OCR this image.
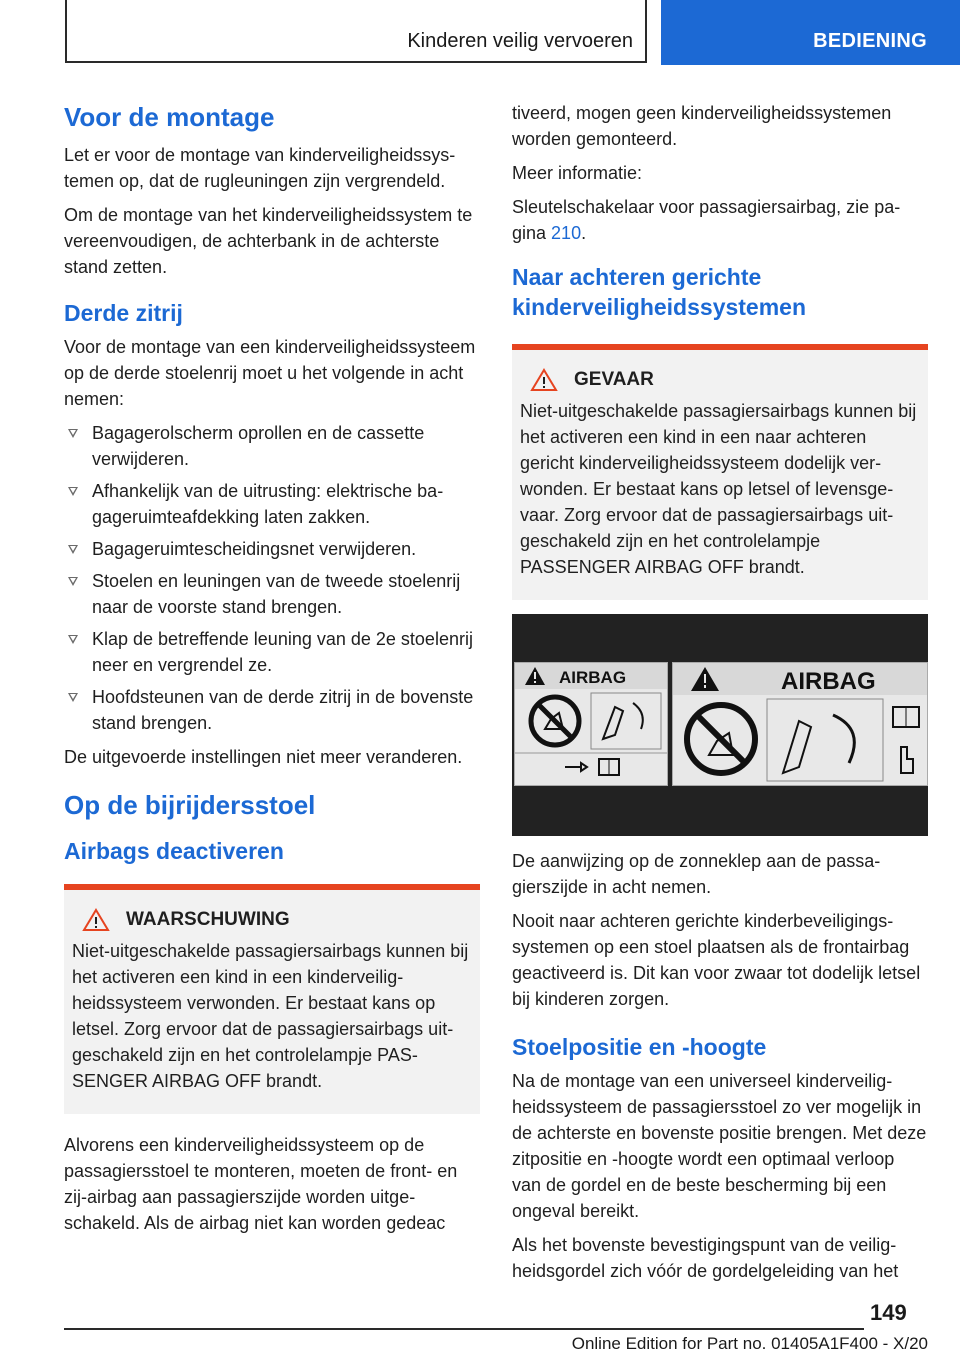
Kinderen veilig vervoeren	BEDIENING
Voor de montage

Let er voor de montage van kinderveiligheidssystemen op, dat de rugleuningen zijn vergrendeld.

Om de montage van het kinderveiligheidssystem te vereenvoudigen, de achterbank in de achterste stand zetten.

Derde zitrij

Voor de montage van een kinderveiligheidssysteem op de derde stoelenrij moet u het volgende in acht nemen:

Bagagerolscherm oprollen en de cassette verwijderen.
Afhankelijk van de uitrusting: elektrische bagageruimteafdekking laten zakken.
Bagageruimtescheidingsnet verwijderen.
Stoelen en leuningen van de tweede stoelenrij naar de voorste stand brengen.
Klap de betreffende leuning van de 2e stoelenrij neer en vergrendel ze.
Hoofdsteunen van de derde zitrij in de bovenste stand brengen.

De uitgevoerde instellingen niet meer veranderen.

Op de bijrijdersstoel
Airbags deactiveren
WAARSCHUWING

Niet-uitgeschakelde passagiersairbags kunnen bij het activeren een kind in een kinderveiligheidssysteem verwonden. Er bestaat kans op letsel. Zorg ervoor dat de passagiersairbags uitgeschakeld zijn en het controlelampje PASSENGER AIRBAG OFF brandt.

Alvorens een kinderveiligheidssysteem op de passagiersstoel te monteren, moeten de front- en zij-airbag aan passagierszijde worden uitgeschakeld. Als de airbag niet kan worden gedeac

tiveerd, mogen geen kinderveiligheidssystemen worden gemonteerd.

Meer informatie:

Sleutelschakelaar voor passagiersairbag, zie pagina 210.

Naar achteren gerichte kinderveiligheidssystemen
GEVAAR

Niet-uitgeschakelde passagiersairbags kunnen bij het activeren een kind in een naar achteren gericht kinderveiligheidssysteem dodelijk verwonden. Er bestaat kans op letsel of levensgevaar. Zorg ervoor dat de passagiersairbags uitgeschakeld zijn en het controlelampje PASSENGER AIRBAG OFF brandt.

AIRBAG	AIRBAG

De aanwijzing op de zonneklep aan de passagierszijde in acht nemen.

Nooit naar achteren gerichte kinderbeveiligingssystemen op een stoel plaatsen als de frontairbag geactiveerd is. Dit kan voor zwaar tot dodelijk letsel bij kinderen zorgen.

Stoelpositie en -hoogte

Na de montage van een universeel kinderveiligheidssysteem de passagiersstoel zo ver mogelijk in de achterste en bovenste positie brengen. Met deze zitpositie en -hoogte wordt een optimaal verloop van de gordel en de beste bescherming bij een ongeval bereikt.

Als het bovenste bevestigingspunt van de veiligheidsgordel zich vóór de gordelgeleiding van het

149
Online Edition for Part no. 01405A1F400 - X/20
